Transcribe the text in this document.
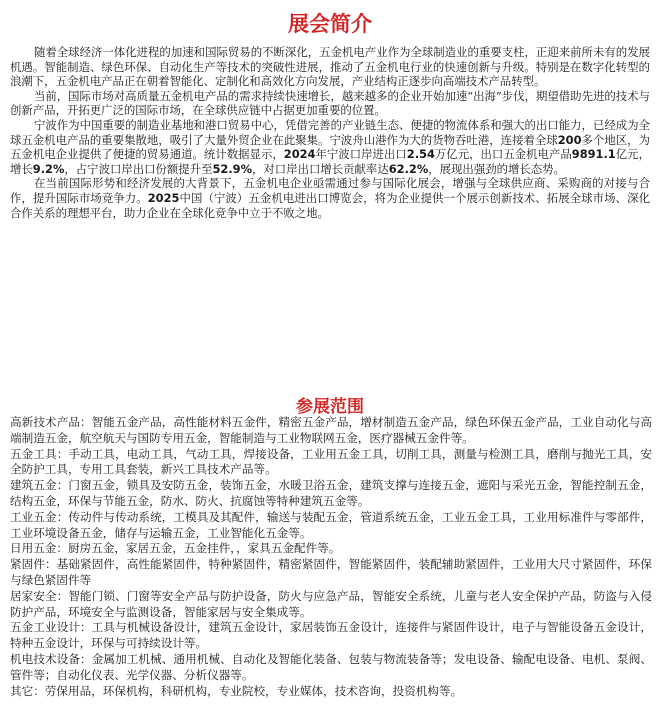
展会简介

随着全球经济一体化进程的加速和国际贸易的不断深化，五金机电产业作为全球制造业的重要支柱，正迎来前所未有的发展机遇。智能制造、绿色环保、自动化生产等技术的突破性进展，推动了五金机电行业的快速创新与升级。特别是在数字化转型的浪潮下，五金机电产品正在朝着智能化、定制化和高效化方向发展，产业结构正逐步向高端技术产品转型。

当前，国际市场对高质量五金机电产品的需求持续快速增长，越来越多的企业开始加速“出海”步伐，期望借助先进的技术与创新产品，开拓更广泛的国际市场，在全球供应链中占据更加重要的位置。

宁波作为中国重要的制造业基地和港口贸易中心，凭借完善的产业链生态、便捷的物流体系和强大的出口能力，已经成为全球五金机电产品的重要集散地，吸引了大量外贸企业在此聚集。宁波舟山港作为大的货物吞吐港，连接着全球200多个地区，为五金机电企业提供了便捷的贸易通道。统计数据显示，2024年宁波口岸进出口2.54万亿元，出口五金机电产品9891.1亿元，增长9.2%，占宁波口岸出口份额提升至52.9%，对口岸出口增长贡献率达62.2%，展现出强劲的增长态势。

在当前国际形势和经济发展的大背景下，五金机电企业亟需通过参与国际化展会，增强与全球供应商、采购商的对接与合作，提升国际市场竞争力。2025中国（宁波）五金机电进出口博览会，将为企业提供一个展示创新技术、拓展全球市场、深化合作关系的理想平台，助力企业在全球化竞争中立于不败之地。

参展范围

高新技术产品：智能五金产品，高性能材料五金件，精密五金产品，增材制造五金产品，绿色环保五金产品，工业自动化与高端制造五金，航空航天与国防专用五金，智能制造与工业物联网五金，医疗器械五金件等。

五金工具：手动工具，电动工具，气动工具，焊接设备，工业用五金工具，切削工具，测量与检测工具，磨削与抛光工具，安全防护工具，专用工具套装，新兴工具技术产品等。

建筑五金：门窗五金，锁具及安防五金，装饰五金，水暖卫浴五金，建筑支撑与连接五金，遮阳与采光五金，智能控制五金，结构五金，环保与节能五金，防水、防火、抗腐蚀等特种建筑五金等。

工业五金：传动件与传动系统，工模具及其配件，输送与装配五金，管道系统五金，工业五金工具，工业用标准件与零部件，工业环境设备五金，储存与运输五金，工业智能化五金等。

日用五金：厨房五金，家居五金，五金挂件，，家具五金配件等。

紧固件：基础紧固件，高性能紧固件，特种紧固件，精密紧固件，智能紧固件，装配辅助紧固件，工业用大尺寸紧固件，环保与绿色紧固件等

居家安全：智能门锁、门窗等安全产品与防护设备，防火与应急产品，智能安全系统，儿童与老人安全保护产品，防盗与入侵防护产品，环境安全与监测设备，智能家居与安全集成等。

五金工业设计：工具与机械设备设计，建筑五金设计，家居装饰五金设计，连接件与紧固件设计，电子与智能设备五金设计，特种五金设计，环保与可持续设计等。

机电技术设备：金属加工机械、通用机械、自动化及智能化装备、包装与物流装备等；发电设备、输配电设备、电机、泵阀、管件等；自动化仪表、光学仪器、分析仪器等。

其它：劳保用品，环保机构，科研机构，专业院校，专业媒体，技术咨询，投资机构等。
